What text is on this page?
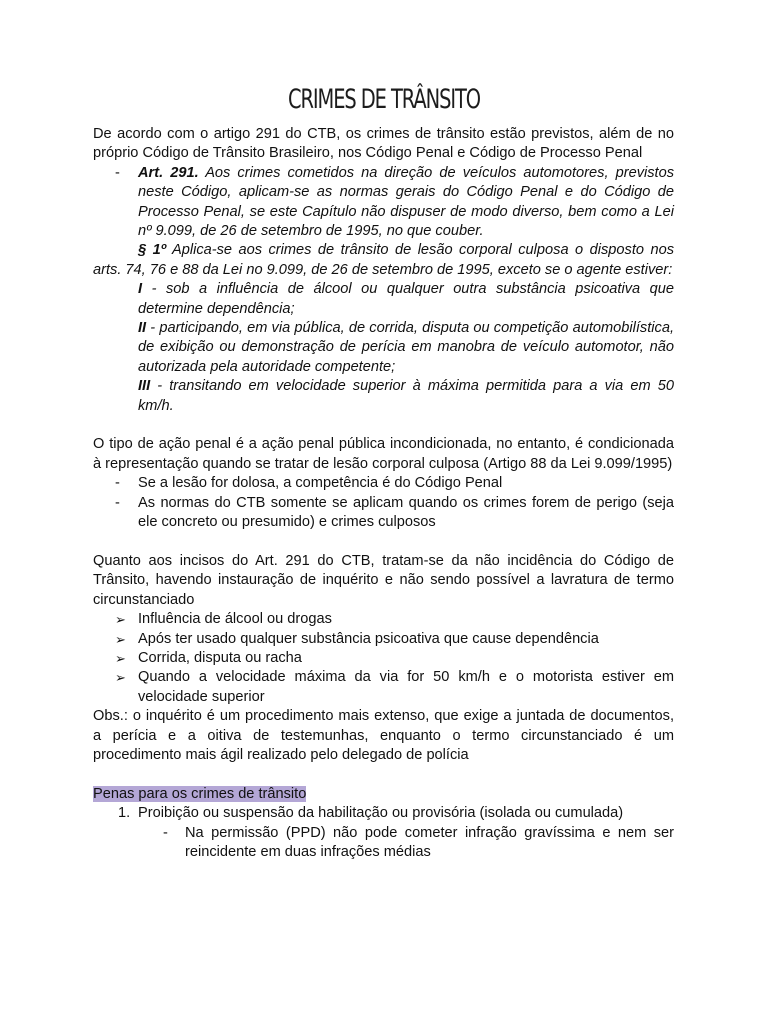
CRIMES DE TRÂNSITO

De acordo com o artigo 291 do CTB, os crimes de trânsito estão previstos, além de no próprio Código de Trânsito Brasileiro, nos Código Penal e Código de Processo Penal

- Art. 291. Aos crimes cometidos na direção de veículos automotores, previstos neste Código, aplicam-se as normas gerais do Código Penal e do Código de Processo Penal, se este Capítulo não dispuser de modo diverso, bem como a Lei nº 9.099, de 26 de setembro de 1995, no que couber.
§ 1º Aplica-se aos crimes de trânsito de lesão corporal culposa o disposto nos arts. 74, 76 e 88 da Lei no 9.099, de 26 de setembro de 1995, exceto se o agente estiver:
I - sob a influência de álcool ou qualquer outra substância psicoativa que determine dependência;
II - participando, em via pública, de corrida, disputa ou competição automobilística, de exibição ou demonstração de perícia em manobra de veículo automotor, não autorizada pela autoridade competente;
III - transitando em velocidade superior à máxima permitida para a via em 50 km/h.

O tipo de ação penal é a ação penal pública incondicionada, no entanto, é condicionada à representação quando se tratar de lesão corporal culposa (Artigo 88 da Lei 9.099/1995)

- Se a lesão for dolosa, a competência é do Código Penal
- As normas do CTB somente se aplicam quando os crimes forem de perigo (seja ele concreto ou presumido) e crimes culposos

Quanto aos incisos do Art. 291 do CTB, tratam-se da não incidência do Código de Trânsito, havendo instauração de inquérito e não sendo possível a lavratura de termo circunstanciado

➢ Influência de álcool ou drogas
➢ Após ter usado qualquer substância psicoativa que cause dependência
➢ Corrida, disputa ou racha
➢ Quando a velocidade máxima da via for 50 km/h e o motorista estiver em velocidade superior

Obs.: o inquérito é um procedimento mais extenso, que exige a juntada de documentos, a perícia e a oitiva de testemunhas, enquanto o termo circunstanciado é um procedimento mais ágil realizado pelo delegado de polícia

Penas para os crimes de trânsito
1. Proibição ou suspensão da habilitação ou provisória (isolada ou cumulada)
- Na permissão (PPD) não pode cometer infração gravíssima e nem ser reincidente em duas infrações médias
